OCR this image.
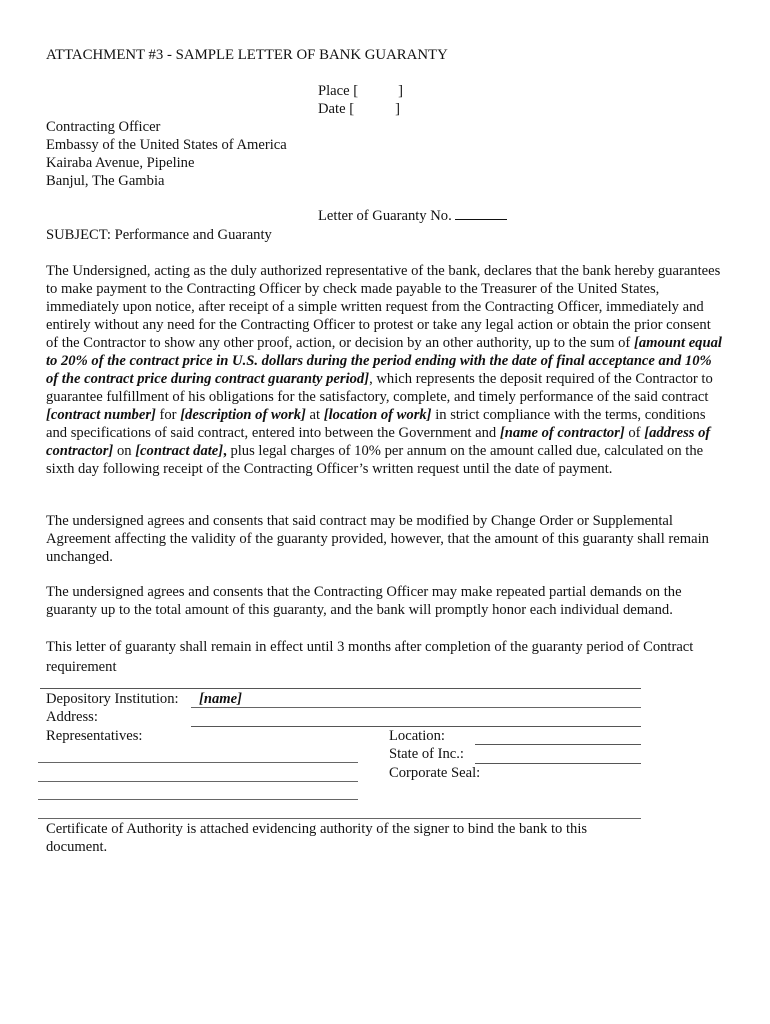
ATTACHMENT #3 - SAMPLE LETTER OF BANK GUARANTY
Place [	]
Date [	]
Contracting Officer
Embassy of the United States of America
Kairaba Avenue, Pipeline
Banjul, The Gambia
Letter of Guaranty No.
SUBJECT: Performance and Guaranty

The Undersigned, acting as the duly authorized representative of the bank, declares that the bank hereby guarantees to make payment to the Contracting Officer by check made payable to the Treasurer of the United States, immediately upon notice, after receipt of a simple written request from the Contracting Officer, immediately and entirely without any need for the Contracting Officer to protest or take any legal action or obtain the prior consent of the Contractor to show any other proof, action, or decision by an other authority, up to the sum of [amount equal to 20% of the contract price in U.S. dollars during the period ending with the date of final acceptance and 10% of the contract price during contract guaranty period], which represents the deposit required of the Contractor to guarantee fulfillment of his obligations for the satisfactory, complete, and timely performance of the said contract [contract number] for [description of work] at [location of work] in strict compliance with the terms, conditions and specifications of said contract, entered into between the Government and [name of contractor] of [address of contractor] on [contract date], plus legal charges of 10% per annum on the amount called due, calculated on the sixth day following receipt of the Contracting Officer’s written request until the date of payment.

The undersigned agrees and consents that said contract may be modified by Change Order or Supplemental Agreement affecting the validity of the guaranty provided, however, that the amount of this guaranty shall remain unchanged.

The undersigned agrees and consents that the Contracting Officer may make repeated partial demands on the guaranty up to the total amount of this guaranty, and the bank will promptly honor each individual demand.

This letter of guaranty shall remain in effect until 3 months after completion of the guaranty period of Contract requirement

Depository Institution: [name]
Address:
Representatives:	Location:
State of Inc.:
Corporate Seal:
Certificate of Authority is attached evidencing authority of the signer to bind the bank to this document.
